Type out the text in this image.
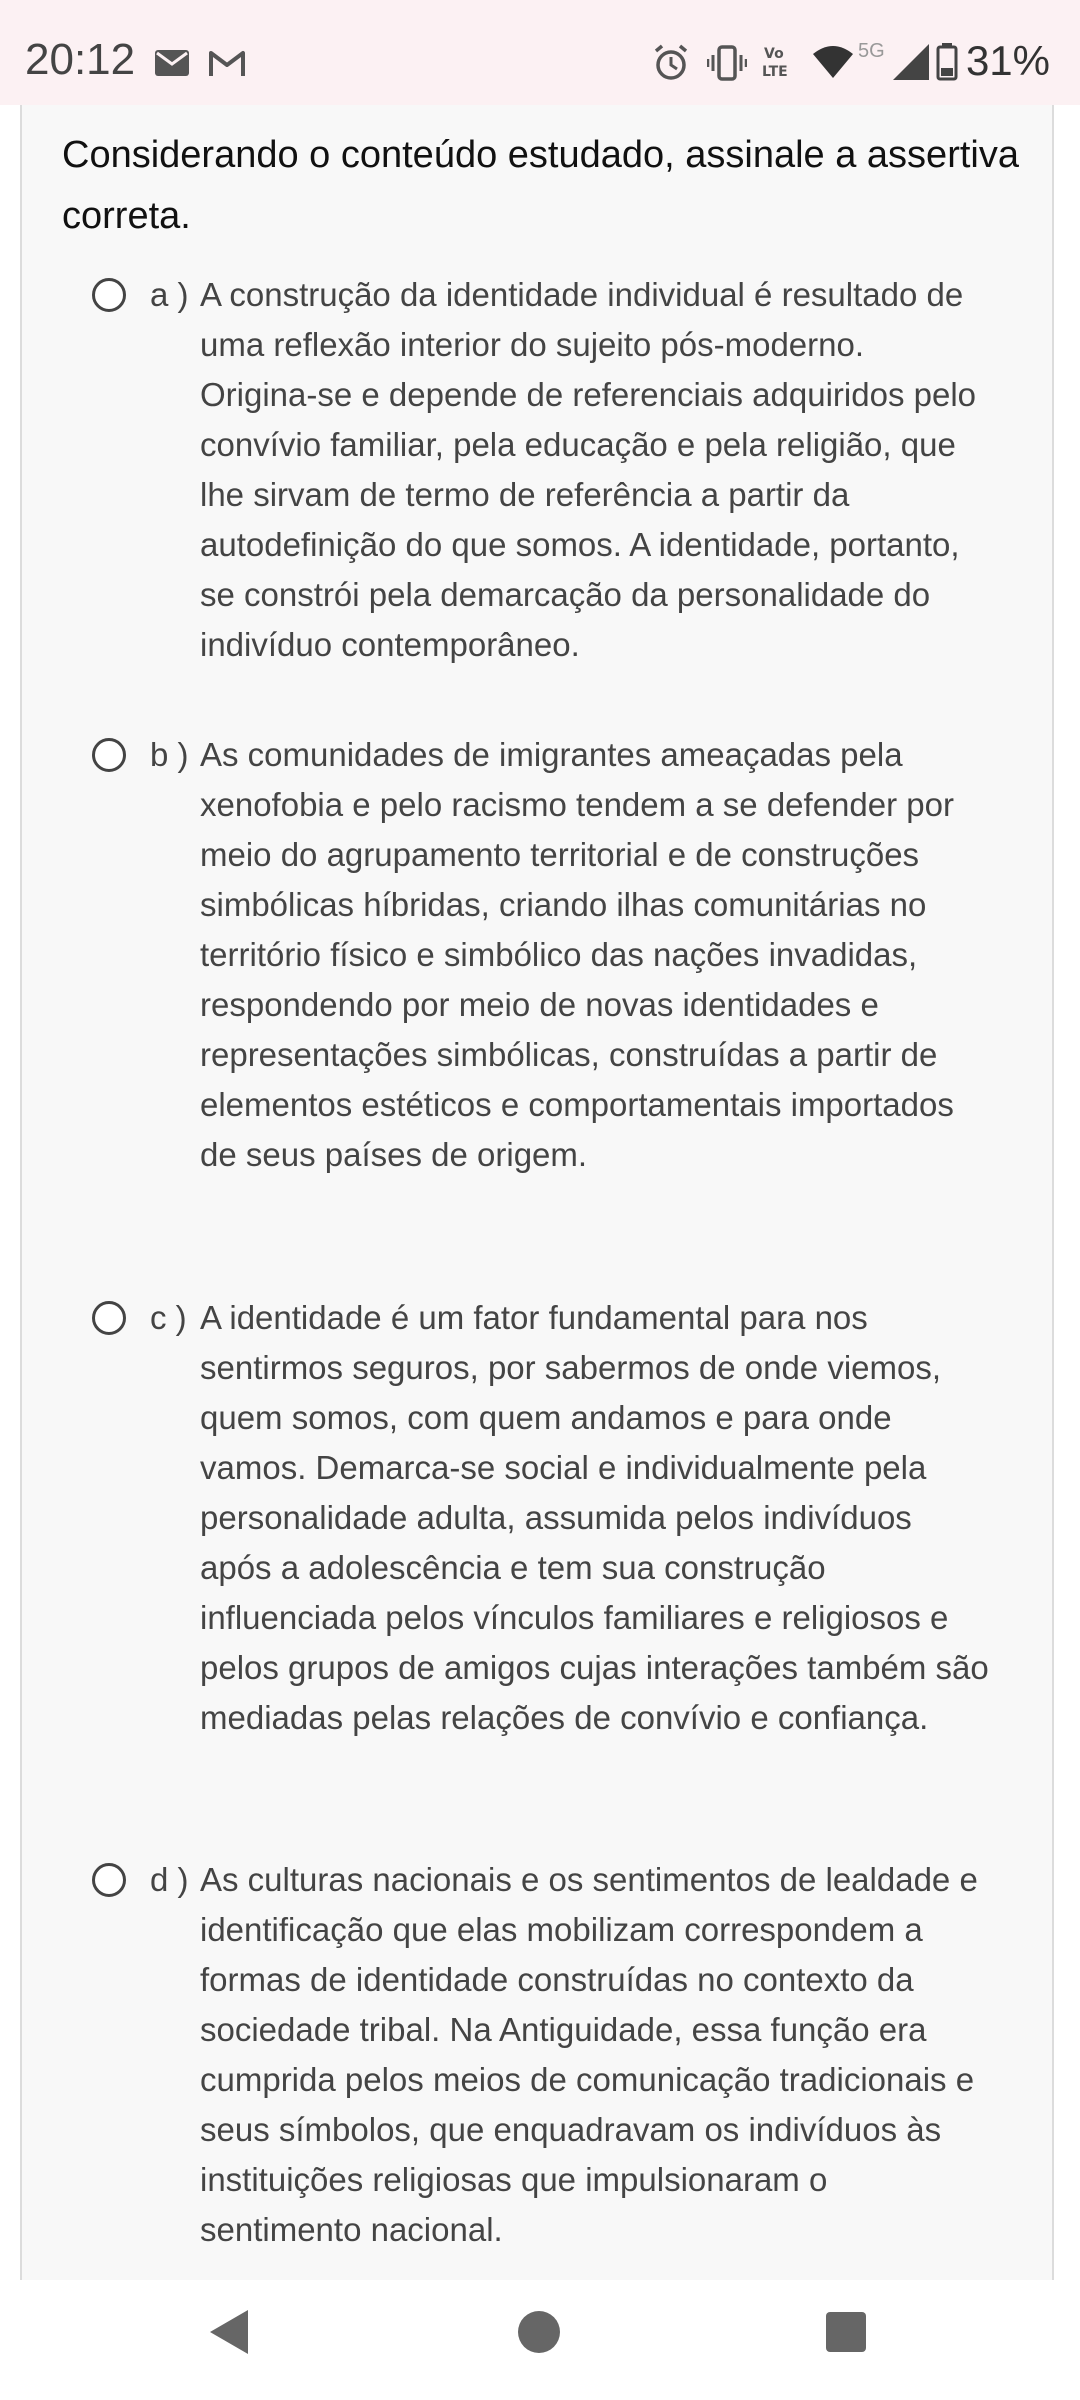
20:12	Vo
LTE
5G 31%
Considerando o conteúdo estudado, assinale a assertiva correta.
a ) A construção da identidade individual é resultado de uma reflexão interior do sujeito pós-moderno. Origina-se e depende de referenciais adquiridos pelo convívio familiar, pela educação e pela religião, que lhe sirvam de termo de referência a partir da autodefinição do que somos. A identidade, portanto, se constrói pela demarcação da personalidade do indivíduo contemporâneo.
b ) As comunidades de imigrantes ameaçadas pela xenofobia e pelo racismo tendem a se defender por meio do agrupamento territorial e de construções simbólicas híbridas, criando ilhas comunitárias no território físico e simbólico das nações invadidas, respondendo por meio de novas identidades e representações simbólicas, construídas a partir de elementos estéticos e comportamentais importados de seus países de origem.
c ) A identidade é um fator fundamental para nos sentirmos seguros, por sabermos de onde viemos, quem somos, com quem andamos e para onde vamos. Demarca-se social e individualmente pela personalidade adulta, assumida pelos indivíduos após a adolescência e tem sua construção influenciada pelos vínculos familiares e religiosos e pelos grupos de amigos cujas interações também são mediadas pelas relações de convívio e confiança.
d ) As culturas nacionais e os sentimentos de lealdade e identificação que elas mobilizam correspondem a formas de identidade construídas no contexto da sociedade tribal. Na Antiguidade, essa função era cumprida pelos meios de comunicação tradicionais e seus símbolos, que enquadravam os indivíduos às instituições religiosas que impulsionaram o sentimento nacional.
